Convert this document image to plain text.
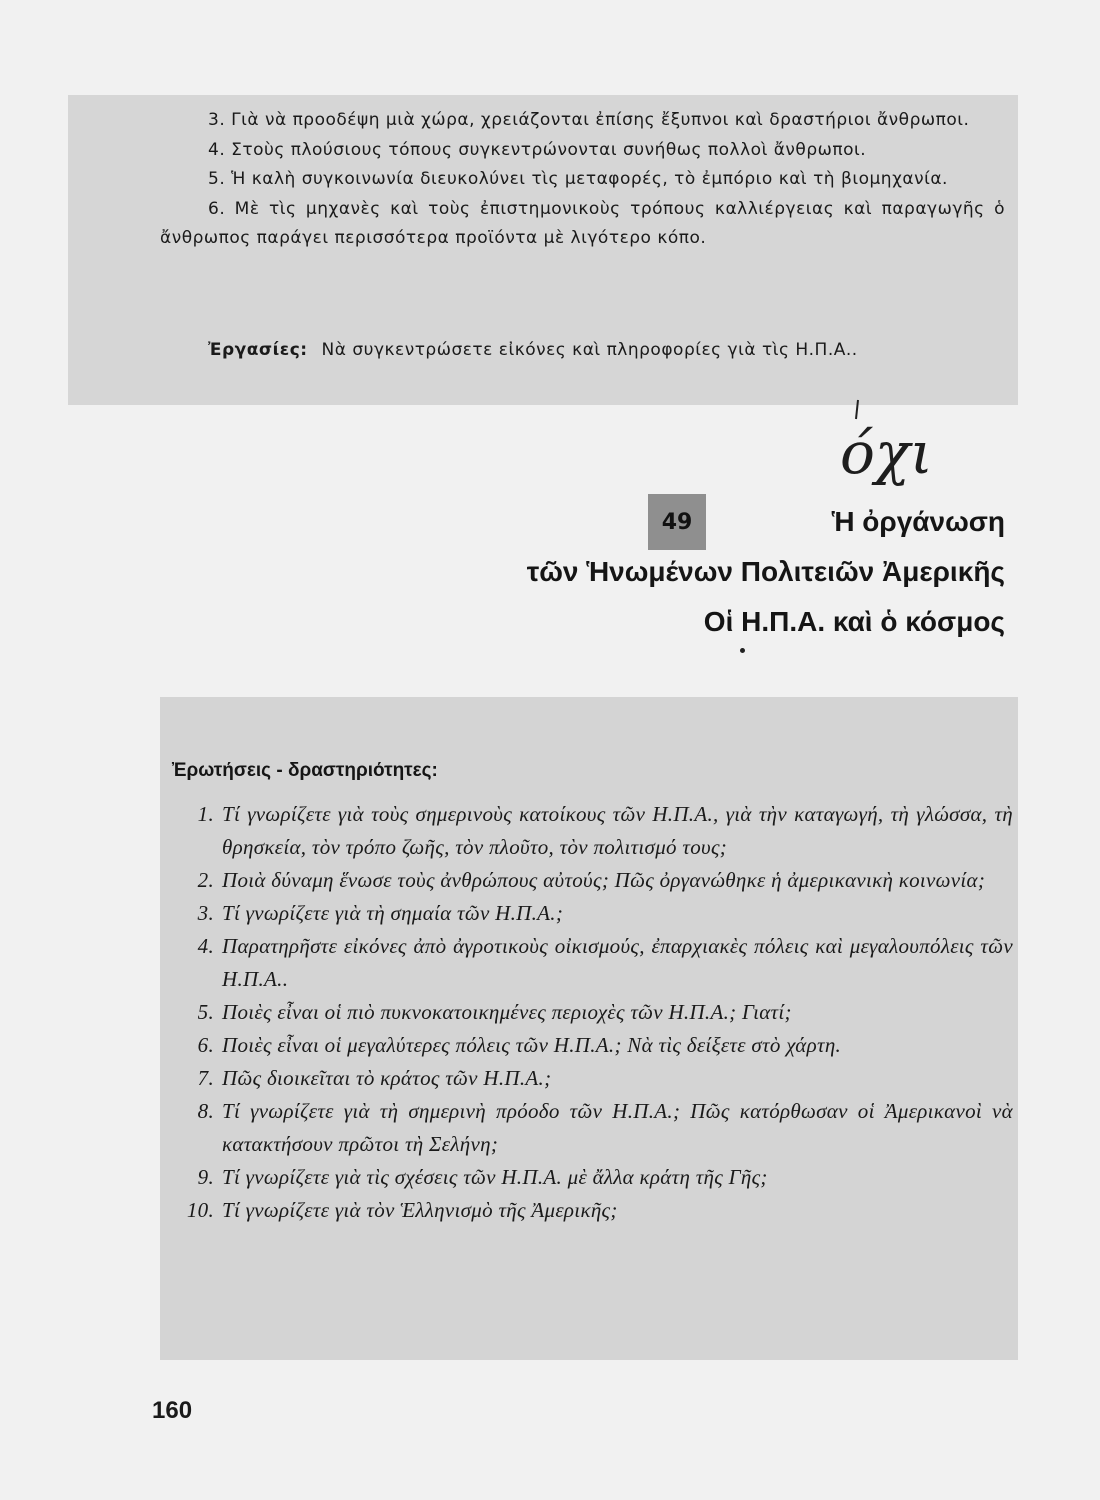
3. Γιὰ νὰ προοδέψη μιὰ χώρα, χρειάζονται ἐπίσης ἔξυπνοι καὶ δραστήριοι ἄνθρωποι.

4. Στοὺς πλούσιους τόπους συγκεντρώνονται συνήθως πολλοὶ ἄνθρωποι.

5. Ἡ καλὴ συγκοινωνία διευκολύνει τὶς μεταφορές, τὸ ἐμπόριο καὶ τὴ βιομηχανία.

6. Μὲ τὶς μηχανὲς καὶ τοὺς ἐπιστημονικοὺς τρόπους καλλιέργειας καὶ παραγωγῆς ὁ ἄνθρωπος παράγει περισσότερα προϊόντα μὲ λιγότερο κόπο.

Ἐργασίες: Νὰ συγκεντρώσετε εἰκόνες καὶ πληροφορίες γιὰ τὶς Η.Π.Α..
όχι
49	Ἡ ὀργάνωση
τῶν Ἡνωμένων Πολιτειῶν Ἀμερικῆς
Οἱ Η.Π.Α. καὶ ὁ κόσμος
Ἐρωτήσεις - δραστηριότητες:
1. Τί γνωρίζετε γιὰ τοὺς σημερινοὺς κατοίκους τῶν Η.Π.Α., γιὰ τὴν καταγωγή, τὴ γλώσσα, τὴ θρησκεία, τὸν τρόπο ζωῆς, τὸν πλοῦτο, τὸν πολιτισμό τους;
2. Ποιὰ δύναμη ἕνωσε τοὺς ἀνθρώπους αὐτούς; Πῶς ὀργανώθηκε ἡ ἀμερικανικὴ κοινωνία;
3. Τί γνωρίζετε γιὰ τὴ σημαία τῶν Η.Π.Α.;
4. Παρατηρῆστε εἰκόνες ἀπὸ ἀγροτικοὺς οἰκισμούς, ἐπαρχιακὲς πόλεις καὶ μεγαλουπόλεις τῶν Η.Π.Α..
5. Ποιὲς εἶναι οἱ πιὸ πυκνοκατοικημένες περιοχὲς τῶν Η.Π.Α.; Γιατί;
6. Ποιὲς εἶναι οἱ μεγαλύτερες πόλεις τῶν Η.Π.Α.; Νὰ τὶς δείξετε στὸ χάρτη.
7. Πῶς διοικεῖται τὸ κράτος τῶν Η.Π.Α.;
8. Τί γνωρίζετε γιὰ τὴ σημερινὴ πρόοδο τῶν Η.Π.Α.; Πῶς κατόρθωσαν οἱ Ἀμερικανοὶ νὰ κατακτήσουν πρῶτοι τὴ Σελήνη;
9. Τί γνωρίζετε γιὰ τὶς σχέσεις τῶν Η.Π.Α. μὲ ἄλλα κράτη τῆς Γῆς;
10. Τί γνωρίζετε γιὰ τὸν Ἑλληνισμὸ τῆς Ἀμερικῆς;
160
